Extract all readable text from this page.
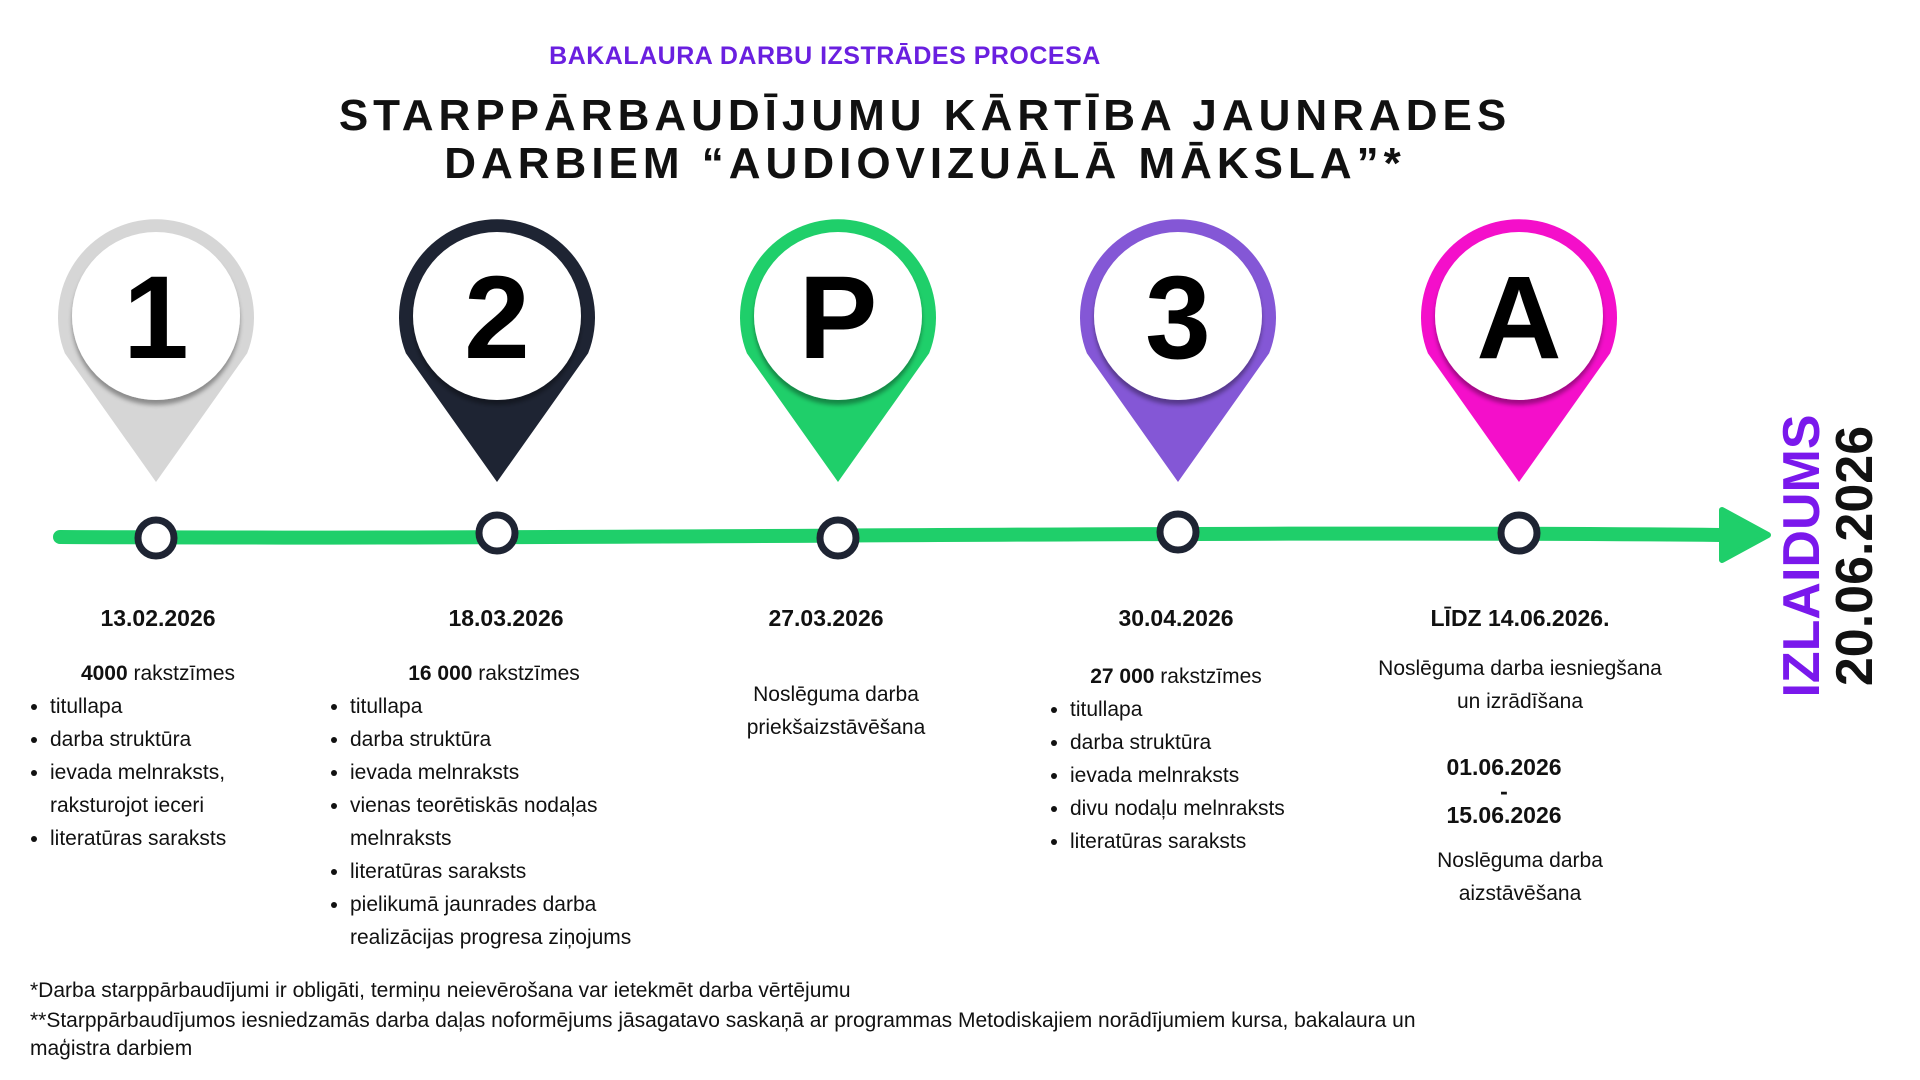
BAKALAURA DARBU IZSTRĀDES PROCESA
STARPPĀRBAUDĪJUMU KĀRTĪBA JAUNRADES
DARBIEM “AUDIOVIZUĀLĀ MĀKSLA”*
1 2 P 3 A
13.02.2026
4000 rakstzīmes
• titullapa
• darba struktūra
• ievada melnraksts,
raksturojot ieceri
• literatūras saraksts
18.03.2026
16 000 rakstzīmes
• titullapa
• darba struktūra
• ievada melnraksts
• vienas teorētiskās nodaļas
melnraksts
• literatūras saraksts
• pielikumā jaunrades darba
realizācijas progresa ziņojums
27.03.2026
Noslēguma darba
priekšaizstāvēšana
30.04.2026
27 000 rakstzīmes
• titullapa
• darba struktūra
• ievada melnraksts
• divu nodaļu melnraksts
• literatūras saraksts
LĪDZ 14.06.2026.
Noslēguma darba iesniegšana
un izrādīšana
01.06.2026
-
15.06.2026
Noslēguma darba
aizstāvēšana
IZLAIDUMS
20.06.2026
*Darba starppārbaudījumi ir obligāti, termiņu neievērošana var ietekmēt darba vērtējumu
**Starppārbaudījumos iesniedzamās darba daļas noformējums jāsagatavo saskaņā ar programmas Metodiskajiem norādījumiem kursa, bakalaura un
maģistra darbiem
